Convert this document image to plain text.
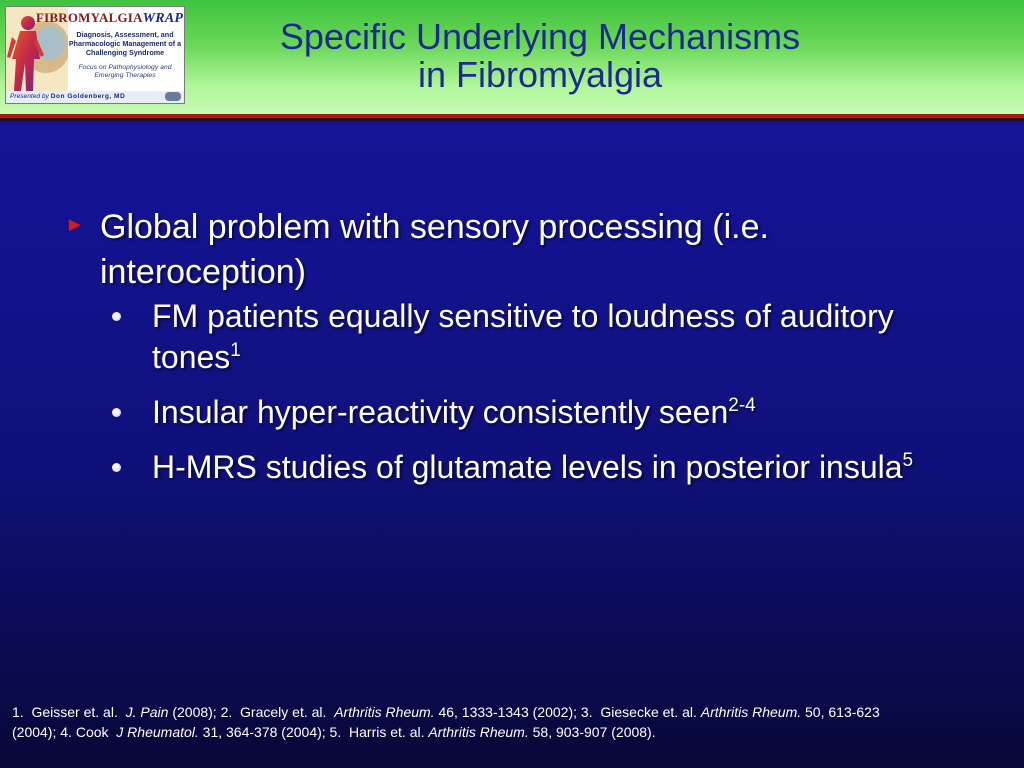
FIBROMYALGIAWRAP
Diagnosis, Assessment, and Pharmacologic Management of a Challenging Syndrome
Focus on Pathophysiology and Emerging Therapies
Presented by Don Goldenberg, MD
Specific Underlying Mechanisms
in Fibromyalgia
► Global problem with sensory processing (i.e. interoception)
FM patients equally sensitive to loudness of auditory tones$^1$
Insular hyper-reactivity consistently seen$^{2-4}$
H-MRS studies of glutamate levels in posterior insula$^5$
1. Geisser et. al. J. Pain (2008); 2. Gracely et. al. Arthritis Rheum. 46, 1333-1343 (2002); 3. Giesecke et. al. Arthritis Rheum. 50, 613-623 (2004); 4. Cook J Rheumatol. 31, 364-378 (2004); 5. Harris et. al. Arthritis Rheum. 58, 903-907 (2008).
